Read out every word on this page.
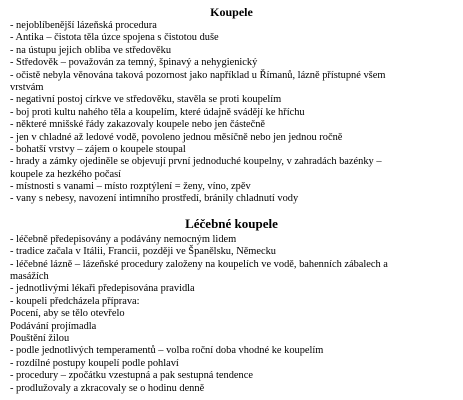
Koupele
- nejoblíbenější lázeňská procedura
- Antika – čistota těla úzce spojena s čistotou duše
- na ústupu jejich obliba ve středověku
- Středověk – považován za temný, špinavý a nehygienický
- očistě nebyla věnována taková pozornost jako například u Římanů, lázně přístupné všem
vrstvám
- negativní postoj církve ve středověku, stavěla se proti koupelím
- boj proti kultu nahého těla a koupelím, které údajně svádějí ke hříchu
- některé mnišské řády zakazovaly koupele nebo jen částečně
- jen v chladné až ledové vodě, povoleno jednou měsíčně nebo jen jednou ročně
- bohatší vrstvy – zájem o koupele stoupal
- hrady a zámky ojediněle se objevují první jednoduché koupelny, v zahradách bazénky –
koupele za hezkého počasí
- místnosti s vanami – místo rozptýlení = ženy, víno, zpěv
- vany s nebesy, navození intimního prostředí, bránily chladnutí vody
Léčebné koupele
- léčebně předepisovány a podávány nemocným lidem
- tradice začala v Itálii, Francii, později ve Španělsku, Německu
- léčebné lázně – lázeňské procedury založeny na koupelích ve vodě, bahenních zábalech a
masážích
- jednotlivými lékaři předepisována pravidla
- koupeli předcházela příprava:
Pocení, aby se tělo otevřelo
Podávání projímadla
Pouštění žilou
- podle jednotlivých temperamentů – volba roční doba vhodné ke koupelím
- rozdílné postupy koupelí podle pohlaví
- procedury – zpočátku vzestupná a pak sestupná tendence
- prodlužovaly a zkracovaly se o hodinu denně
